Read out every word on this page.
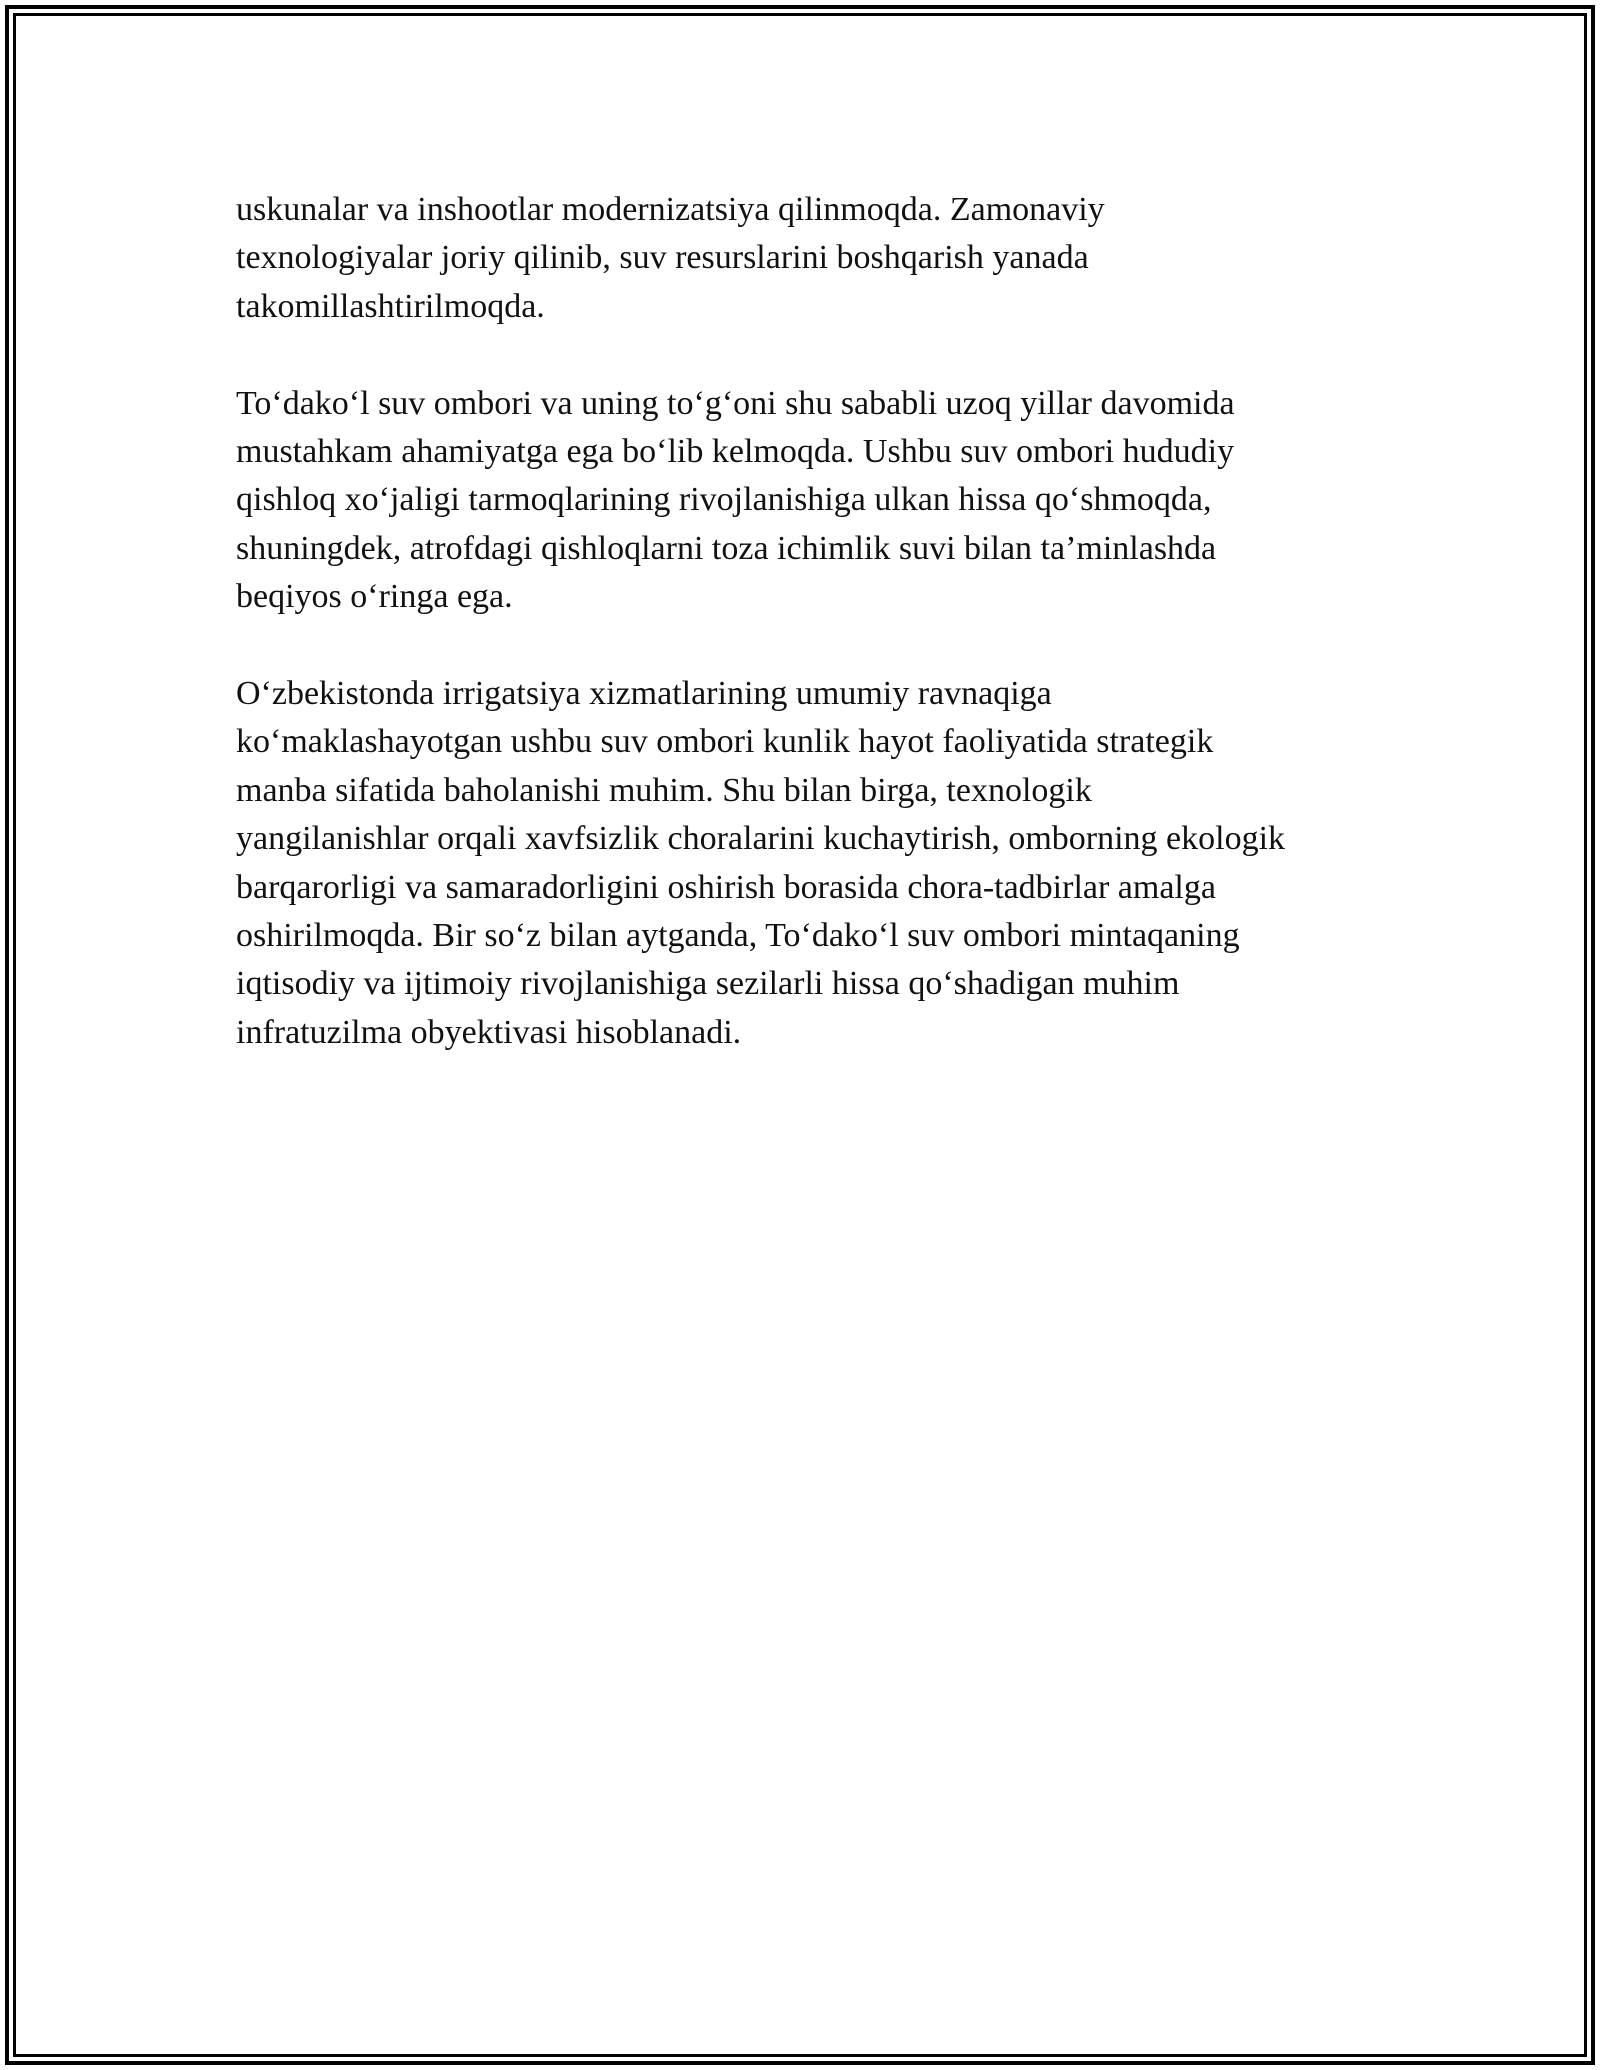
uskunalar va inshootlar modernizatsiya qilinmoqda. Zamonaviy
texnologiyalar joriy qilinib, suv resurslarini boshqarish yanada
takomillashtirilmoqda.

To‘dako‘l suv ombori va uning to‘g‘oni shu sababli uzoq yillar davomida
mustahkam ahamiyatga ega bo‘lib kelmoqda. Ushbu suv ombori hududiy
qishloq xo‘jaligi tarmoqlarining rivojlanishiga ulkan hissa qo‘shmoqda,
shuningdek, atrofdagi qishloqlarni toza ichimlik suvi bilan ta’minlashda
beqiyos o‘ringa ega.

O‘zbekistonda irrigatsiya xizmatlarining umumiy ravnaqiga
ko‘maklashayotgan ushbu suv ombori kunlik hayot faoliyatida strategik
manba sifatida baholanishi muhim. Shu bilan birga, texnologik
yangilanishlar orqali xavfsizlik choralarini kuchaytirish, omborning ekologik
barqarorligi va samaradorligini oshirish borasida chora-tadbirlar amalga
oshirilmoqda. Bir so‘z bilan aytganda, To‘dako‘l suv ombori mintaqaning
iqtisodiy va ijtimoiy rivojlanishiga sezilarli hissa qo‘shadigan muhim
infratuzilma obyektivasi hisoblanadi.
